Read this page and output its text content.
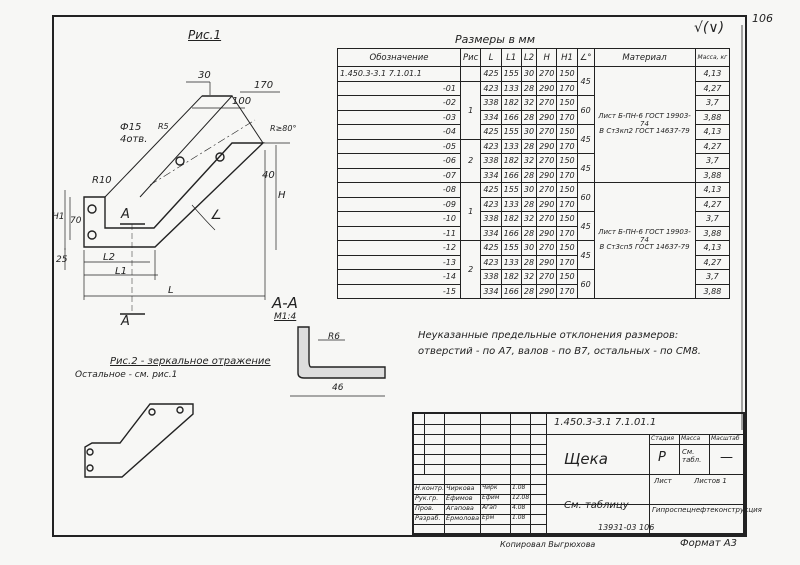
106
√(∨)
Рис.1
30
170
100
Ф15
4отв.
R5	R≥80°
R10
H1 70
25	L2
L1
L
40
H
∠
А
А
А-А
М1:4
R6
46
Рис.2 - зеркальное отражение
Остальное - см. рис.1
Размеры в мм
Обозначение	Рис	L	L1	L2	H	H1	∠°	Материал	Масса, кг
1.450.3-3.1 7.1.01.1		425	155	30	270	150	45	Лист Б-ПН-6 ГОСТ 19903-74
В Ст3кп2 ГОСТ 14637-79	4,13
-01	1	423	133	28	290	170			4,27
-02		338	182	32	270	150	60		3,7
-03		334	166	28	290	170			3,88
-04		425	155	30	270	150	45		4,13
-05	2	423	133	28	290	170			4,27
-06		338	182	32	270	150	45		3,7
-07		334	166	28	290	170			3,88
-08	1	425	155	30	270	150	60	Лист Б-ПН-6 ГОСТ 19903-74
В Ст3сп5 ГОСТ 14637-79	4,13
-09		423	133	28	290	170			4,27
-10		338	182	32	270	150	45		3,7
-11		334	166	28	290	170			3,88
-12	2	425	155	30	270	150	45		4,13
-13		423	133	28	290	170			4,27
-14		338	182	32	270	150	60		3,7
-15		334	166	28	290	170			3,88
Неуказанные предельные отклонения размеров:
отверстий - по А7, валов - по В7, остальных - по СМ8.
1.450.3-3.1 7.1.01.1
Щека
Стадия Масса Масштаб
Р См. табл.	—
Лист	Листов 1
См. таблицу	Гипроспецнефтеконструкция
Н.контр. Чиркова Чирк 1.08
Рук.гр. Ефимов Ефим 12.08
Пров. Агапова Агап	4.08
Разраб. Ермолова Ерм	1.08
13931-03 106
Копировал Выгрюхова	Формат А3
